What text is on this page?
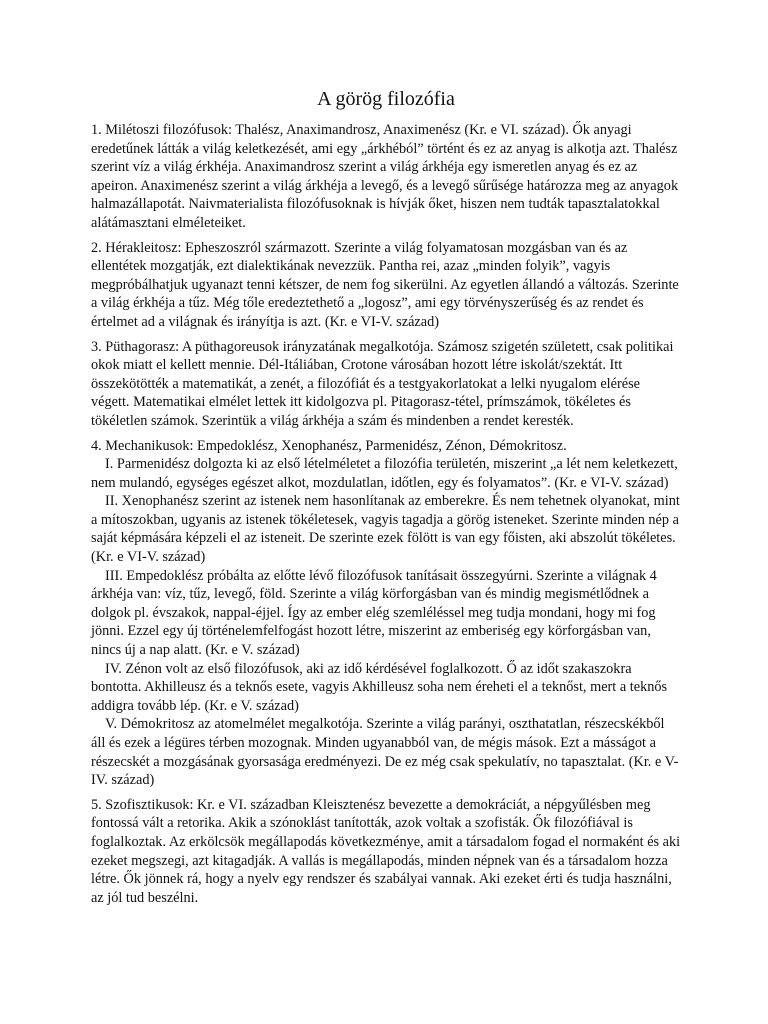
A görög filozófia

1. Milétoszi filozófusok: Thalész, Anaximandrosz, Anaximenész (Kr. e VI. század). Ők anyagi eredetűnek látták a világ keletkezését, ami egy „árkhéból” történt és ez az anyag is alkotja azt. Thalész szerint víz a világ érkhéja. Anaximandrosz szerint a világ árkhéja egy ismeretlen anyag és ez az apeiron. Anaximenész szerint a világ árkhéja a levegő, és a levegő sűrűsége határozza meg az anyagok halmazállapotát. Naivmaterialista filozófusoknak is hívják őket, hiszen nem tudták tapasztalatokkal alátámasztani elméleteiket.

2. Hérakleitosz: Epheszoszról származott. Szerinte a világ folyamatosan mozgásban van és az ellentétek mozgatják, ezt dialektikának nevezzük. Pantha rei, azaz „minden folyik”, vagyis megpróbálhatjuk ugyanazt tenni kétszer, de nem fog sikerülni. Az egyetlen állandó a változás. Szerinte a világ érkhéja a tűz. Még tőle eredeztethető a „logosz”, ami egy törvényszerűség és az rendet és értelmet ad a világnak és irányítja is azt. (Kr. e VI-V. század)

3. Püthagorasz: A püthagoreusok irányzatának megalkotója. Számosz szigetén született, csak politikai okok miatt el kellett mennie. Dél-Itáliában, Crotone városában hozott létre iskolát/szektát. Itt összekötötték a matematikát, a zenét, a filozófiát és a testgyakorlatokat a lelki nyugalom elérése végett. Matematikai elmélet lettek itt kidolgozva pl. Pitagorasz-tétel, prímszámok, tökéletes és tökéletlen számok. Szerintük a világ árkhéja a szám és mindenben a rendet keresték.

4. Mechanikusok: Empedoklész, Xenophanész, Parmenidész, Zénon, Démokritosz.
I. Parmenidész dolgozta ki az első lételméletet a filozófia területén, miszerint „a lét nem keletkezett, nem mulandó, egységes egészet alkot, mozdulatlan, időtlen, egy és folyamatos”. (Kr. e VI-V. század)
II. Xenophanész szerint az istenek nem hasonlítanak az emberekre. És nem tehetnek olyanokat, mint a mítoszokban, ugyanis az istenek tökéletesek, vagyis tagadja a görög isteneket. Szerinte minden nép a saját képmására képzeli el az isteneit. De szerinte ezek fölött is van egy főisten, aki abszolút tökéletes. (Kr. e VI-V. század)
III. Empedoklész próbálta az előtte lévő filozófusok tanításait összegyúrni. Szerinte a világnak 4 árkhéja van: víz, tűz, levegő, föld. Szerinte a világ körforgásban van és mindig megismétlődnek a dolgok pl. évszakok, nappal-éjjel. Így az ember elég szemléléssel meg tudja mondani, hogy mi fog jönni. Ezzel egy új történelemfelfogást hozott létre, miszerint az emberiség egy körforgásban van, nincs új a nap alatt. (Kr. e V. század)
IV. Zénon volt az első filozófusok, aki az idő kérdésével foglalkozott. Ő az időt szakaszokra bontotta. Akhilleusz és a teknős esete, vagyis Akhilleusz soha nem éreheti el a teknőst, mert a teknős addigra tovább lép. (Kr. e V. század)
V. Démokritosz az atomelmélet megalkotója. Szerinte a világ parányi, oszthatatlan, részecskékből áll és ezek a légüres térben mozognak. Minden ugyanabból van, de mégis mások. Ezt a másságot a részecskét a mozgásának gyorsasága eredményezi. De ez még csak spekulatív, no tapasztalat. (Kr. e V-IV. század)

5. Szofisztikusok: Kr. e VI. században Kleisztenész bevezette a demokráciát, a népgyűlésben meg fontossá vált a retorika. Akik a szónoklást tanították, azok voltak a szofisták. Ők filozófiával is foglalkoztak. Az erkölcsök megállapodás következménye, amit a társadalom fogad el normaként és aki ezeket megszegi, azt kitagadják. A vallás is megállapodás, minden népnek van és a társadalom hozza létre. Ők jönnek rá, hogy a nyelv egy rendszer és szabályai vannak. Aki ezeket érti és tudja használni, az jól tud beszélni.
